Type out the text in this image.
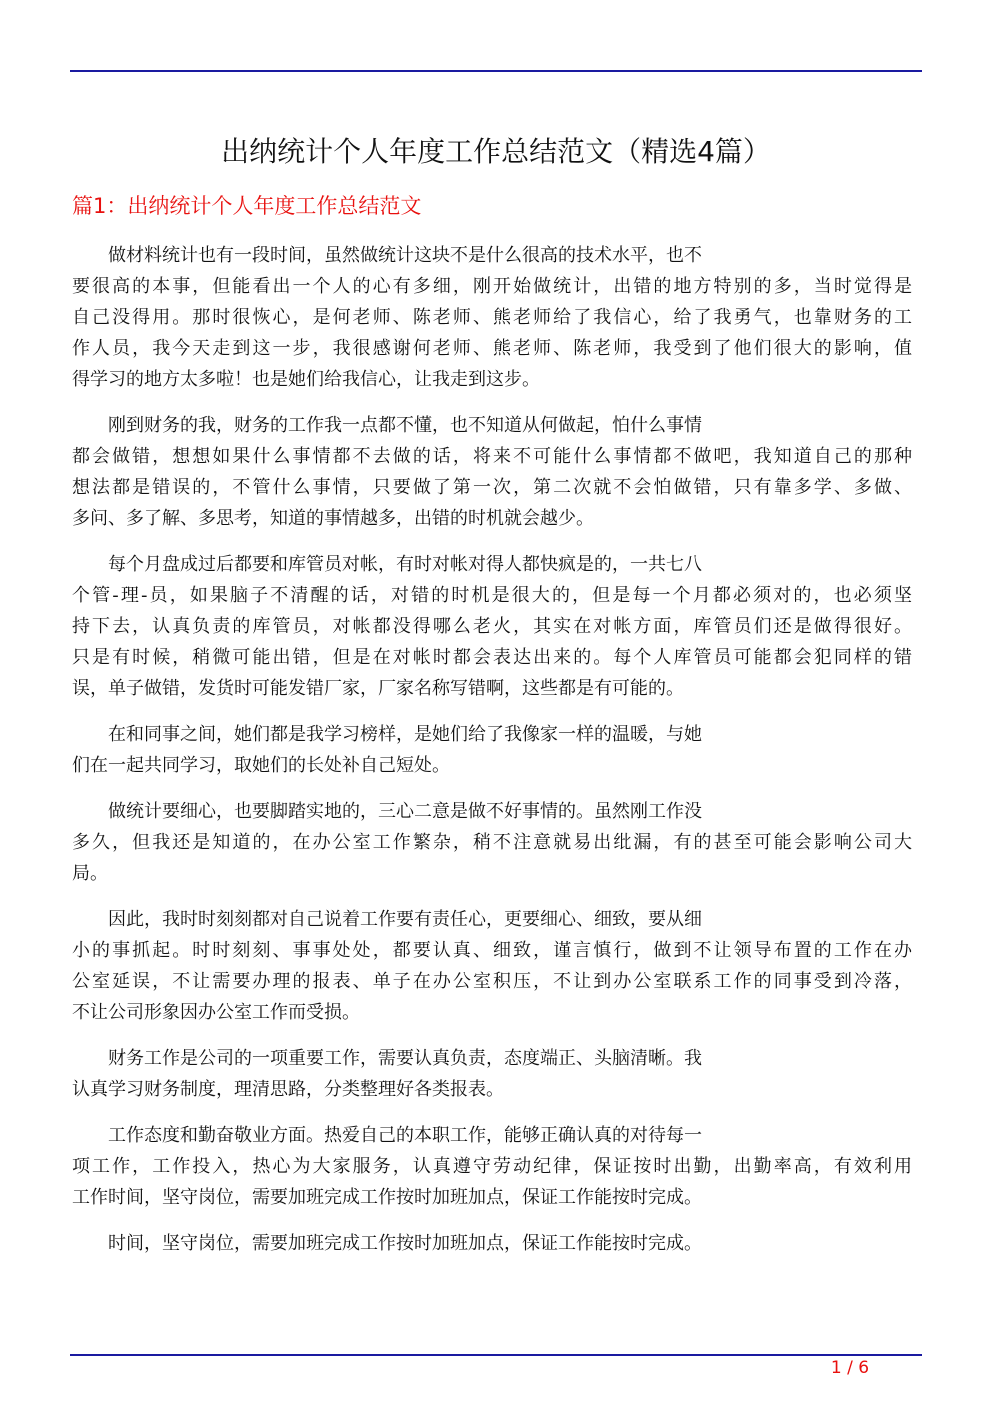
出纳统计个人年度工作总结范文（精选4篇）
篇1：出纳统计个人年度工作总结范文
做材料统计也有一段时间，虽然做统计这块不是什么很高的技术水平，也不
要很高的本事，但能看出一个人的心有多细，刚开始做统计，出错的地方特别的多，当时觉得是
自己没得用。那时很恢心，是何老师、陈老师、熊老师给了我信心，给了我勇气，也靠财务的工
作人员，我今天走到这一步，我很感谢何老师、熊老师、陈老师，我受到了他们很大的影响，值
得学习的地方太多啦！也是她们给我信心，让我走到这步。
刚到财务的我，财务的工作我一点都不懂，也不知道从何做起，怕什么事情
都会做错，想想如果什么事情都不去做的话，将来不可能什么事情都不做吧，我知道自己的那种
想法都是错误的，不管什么事情，只要做了第一次，第二次就不会怕做错，只有靠多学、多做、
多问、多了解、多思考，知道的事情越多，出错的时机就会越少。
每个月盘成过后都要和库管员对帐，有时对帐对得人都快疯是的，一共七八
个管-理-员，如果脑子不清醒的话，对错的时机是很大的，但是每一个月都必须对的，也必须坚
持下去，认真负责的库管员，对帐都没得哪么老火，其实在对帐方面，库管员们还是做得很好。
只是有时候，稍微可能出错，但是在对帐时都会表达出来的。每个人库管员可能都会犯同样的错
误，单子做错，发货时可能发错厂家，厂家名称写错啊，这些都是有可能的。
在和同事之间，她们都是我学习榜样，是她们给了我像家一样的温暖，与她
们在一起共同学习，取她们的长处补自己短处。
做统计要细心，也要脚踏实地的，三心二意是做不好事情的。虽然刚工作没
多久，但我还是知道的，在办公室工作繁杂，稍不注意就易出纰漏，有的甚至可能会影响公司大
局。
因此，我时时刻刻都对自己说着工作要有责任心，更要细心、细致，要从细
小的事抓起。时时刻刻、事事处处，都要认真、细致，谨言慎行，做到不让领导布置的工作在办
公室延误，不让需要办理的报表、单子在办公室积压，不让到办公室联系工作的同事受到冷落，
不让公司形象因办公室工作而受损。
财务工作是公司的一项重要工作，需要认真负责，态度端正、头脑清晰。我
认真学习财务制度，理清思路，分类整理好各类报表。
工作态度和勤奋敬业方面。热爱自己的本职工作，能够正确认真的对待每一
项工作，工作投入，热心为大家服务，认真遵守劳动纪律，保证按时出勤，出勤率高，有效利用
工作时间，坚守岗位，需要加班完成工作按时加班加点，保证工作能按时完成。
时间，坚守岗位，需要加班完成工作按时加班加点，保证工作能按时完成。
1 / 6
